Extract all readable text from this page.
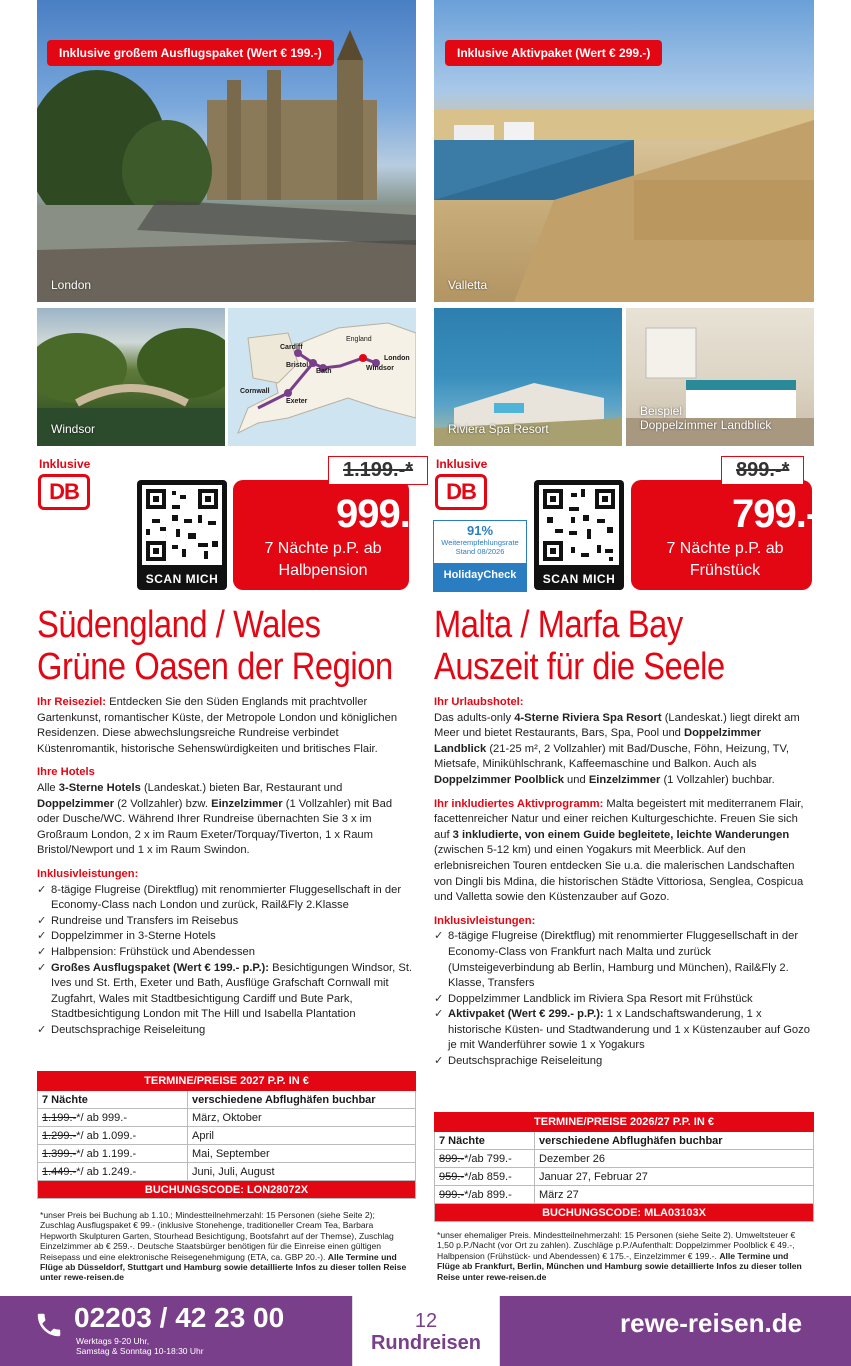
Inklusive großem Ausflugspaket (Wert € 199.-)
London
Windsor
England
Cardiff
Bristol
Bath
London
Windsor
Cornwall
Exeter
Inklusive
DB
SCAN MICH
1.199.-*
999.-
7 Nächte p.P. ab
Halbpension
Südengland / Wales
Grüne Oasen der Region

Ihr Reiseziel: Entdecken Sie den Süden Englands mit prachtvoller Gartenkunst, romantischer Küste, der Metropole London und königlichen Residenzen. Diese abwechslungsreiche Rundreise verbindet Küstenromantik, historische Sehenswürdigkeiten und britisches Flair.

Ihre Hotels

Alle 3-Sterne Hotels (Landeskat.) bieten Bar, Restaurant und Doppelzimmer (2 Vollzahler) bzw. Einzelzimmer (1 Vollzahler) mit Bad oder Dusche/WC. Während Ihrer Rundreise übernachten Sie 3 x im Großraum London, 2 x im Raum Exeter/Torquay/Tiverton, 1 x Raum Bristol/Newport und 1 x im Raum Swindon.

Inklusivleistungen:

✓ 8-tägige Flugreise (Direktflug) mit renommierter Fluggesellschaft in der Economy-Class nach London und zurück, Rail&Fly 2.Klasse
✓ Rundreise und Transfers im Reisebus
✓ Doppelzimmer in 3-Sterne Hotels
✓ Halbpension: Frühstück und Abendessen
✓ Großes Ausflugspaket (Wert € 199.- p.P.): Besichtigungen Windsor, St. Ives und St. Erth, Exeter und Bath, Ausflüge Grafschaft Cornwall mit Zugfahrt, Wales mit Stadtbesichtigung Cardiff und Bute Park, Stadtbesichtigung London mit The Hill und Isabella Plantation
✓ Deutschsprachige Reiseleitung
TERMINE/PREISE 2027 P.P. IN €	
7 Nächte	verschiedene Abflughäfen buchbar
1.199.-*/ ab 999.-	März, Oktober
1.299.-*/ ab 1.099.-	April
1.399.-*/ ab 1.199.-	Mai, September
1.449.-*/ ab 1.249.-	Juni, Juli, August
BUCHUNGSCODE: LON28072X	
*unser Preis bei Buchung ab 1.10.; Mindestteilnehmerzahl: 15 Personen (siehe Seite 2); Zuschlag Ausflugspaket € 99.- (inklusive Stonehenge, traditioneller Cream Tea, Barbara Hepworth Skulpturen Garten, Stourhead Besichtigung, Bootsfahrt auf der Themse), Zuschlag Einzelzimmer ab € 259.-. Deutsche Staatsbürger benötigen für die Einreise einen gültigen Reisepass und eine elektronische Reisegenehmigung (ETA, ca. GBP 20.-). Alle Termine und Flüge ab Düsseldorf, Stuttgart und Hamburg sowie detaillierte Infos zu dieser tollen Reise unter rewe-reisen.de
Inklusive Aktivpaket (Wert € 299.-)
Valletta
Riviera Spa Resort
Beispiel
Doppelzimmer Landblick
Inklusive
DB
91%
Weiterempfehlungsrate
Stand 08/2026
HolidayCheck	SCAN MICH
899.-*
799.-
7 Nächte p.P. ab
Frühstück
Malta / Marfa Bay
Auszeit für die Seele

Ihr Urlaubshotel:

Das adults-only 4-Sterne Riviera Spa Resort (Landeskat.) liegt direkt am Meer und bietet Restaurants, Bars, Spa, Pool und Doppelzimmer Landblick (21-25 m², 2 Vollzahler) mit Bad/Dusche, Föhn, Heizung, TV, Mietsafe, Minikühlschrank, Kaffeemaschine und Balkon. Auch als Doppelzimmer Poolblick und Einzelzimmer (1 Vollzahler) buchbar.

Ihr inkludiertes Aktivprogramm: Malta begeistert mit mediterranem Flair, facettenreicher Natur und einer reichen Kulturgeschichte. Freuen Sie sich auf 3 inkludierte, von einem Guide begleitete, leichte Wanderungen (zwischen 5-12 km) und einen Yogakurs mit Meerblick. Auf den erlebnisreichen Touren entdecken Sie u.a. die malerischen Landschaften von Dingli bis Mdina, die historischen Städte Vittoriosa, Senglea, Cospicua und Valletta sowie den Küstenzauber auf Gozo.

Inklusivleistungen:

✓ 8-tägige Flugreise (Direktflug) mit renommierter Fluggesellschaft in der Economy-Class von Frankfurt nach Malta und zurück (Umsteigeverbindung ab Berlin, Hamburg und München), Rail&Fly 2. Klasse, Transfers
✓ Doppelzimmer Landblick im Riviera Spa Resort mit Frühstück
✓ Aktivpaket (Wert € 299.- p.P.): 1 x Landschaftswanderung, 1 x historische Küsten- und Stadtwanderung und 1 x Küstenzauber auf Gozo je mit Wanderführer sowie 1 x Yogakurs
✓ Deutschsprachige Reiseleitung
TERMINE/PREISE 2026/27 P.P. IN €	
7 Nächte	verschiedene Abflughäfen buchbar
899.-*/ab 799.-	Dezember 26
959.-*/ab 859.-	Januar 27, Februar 27
999.-*/ab 899.-	März 27
BUCHUNGSCODE: MLA03103X	
*unser ehemaliger Preis. Mindestteilnehmerzahl: 15 Personen (siehe Seite 2). Umweltsteuer € 1,50 p.P./Nacht (vor Ort zu zahlen). Zuschläge p.P./Aufenthalt: Doppelzimmer Poolblick € 49.-, Halbpension (Frühstück- und Abendessen) € 175.-, Einzelzimmer € 199.-. Alle Termine und Flüge ab Frankfurt, Berlin, München und Hamburg sowie detaillierte Infos zu dieser tollen Reise unter rewe-reisen.de
02203 / 42 23 00
Werktags 9-20 Uhr,
Samstag & Sonntag 10-18:30 Uhr
12
Rundreisen
rewe-reisen.de
